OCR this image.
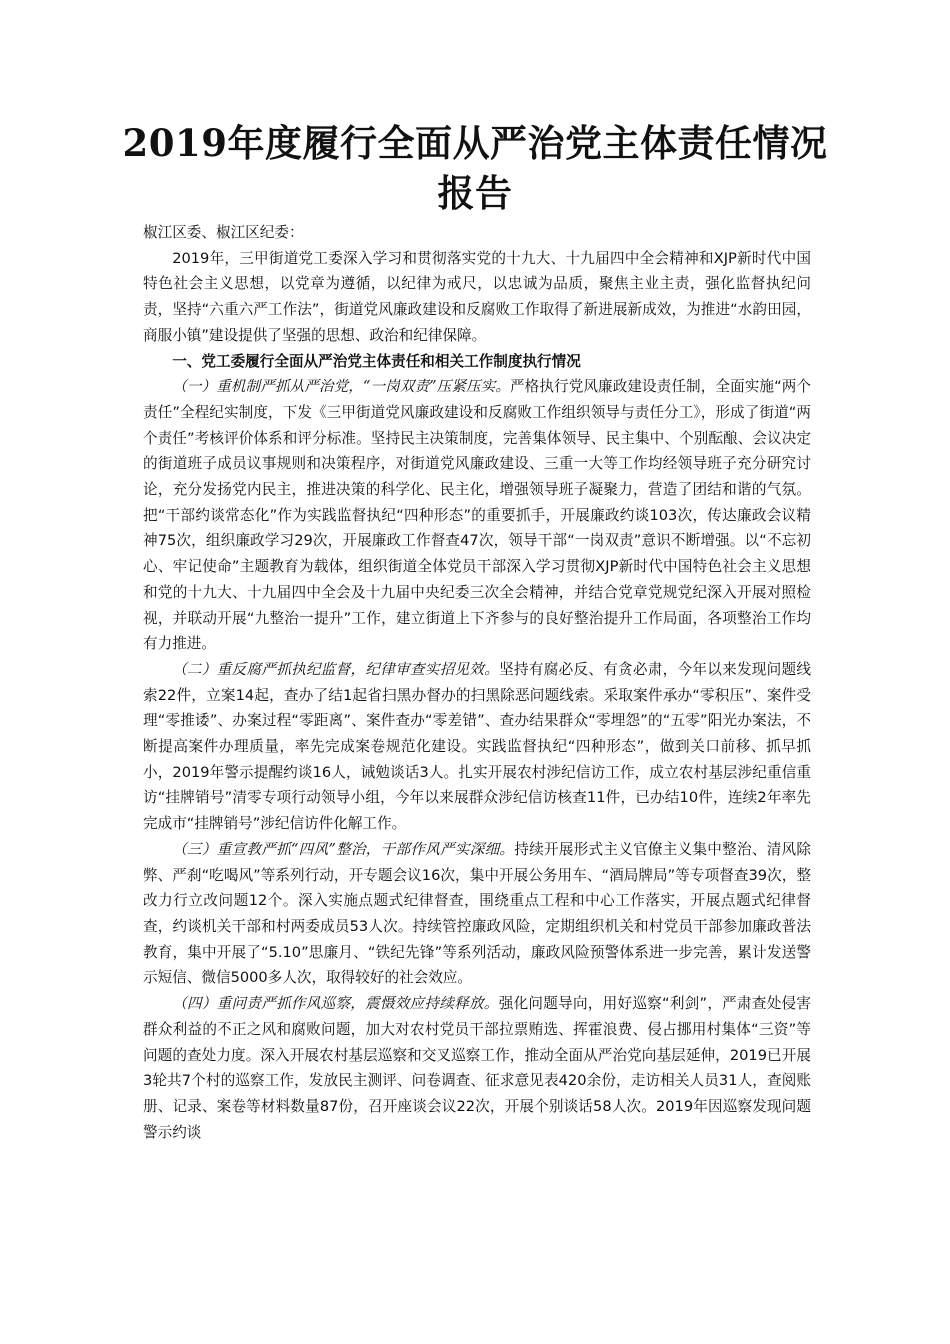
2019年度履行全面从严治党主体责任情况
报告

椒江区委、椒江区纪委：

2019年，三甲街道党工委深入学习和贯彻落实党的十九大、十九届四中全会精神和XJP新时代中国特色社会主义思想，以党章为遵循，以纪律为戒尺，以忠诚为品质，聚焦主业主责，强化监督执纪问责，坚持“六重六严工作法”，街道党风廉政建设和反腐败工作取得了新进展新成效，为推进“水韵田园，商服小镇”建设提供了坚强的思想、政治和纪律保障。

一、党工委履行全面从严治党主体责任和相关工作制度执行情况

（一）重机制严抓从严治党，“一岗双责”压紧压实。严格执行党风廉政建设责任制，全面实施“两个责任”全程纪实制度，下发《三甲街道党风廉政建设和反腐败工作组织领导与责任分工》，形成了街道“两个责任”考核评价体系和评分标准。坚持民主决策制度，完善集体领导、民主集中、个别酝酿、会议决定的街道班子成员议事规则和决策程序，对街道党风廉政建设、三重一大等工作均经领导班子充分研究讨论，充分发扬党内民主，推进决策的科学化、民主化，增强领导班子凝聚力，营造了团结和谐的气氛。把“干部约谈常态化”作为实践监督执纪“四种形态”的重要抓手，开展廉政约谈103次，传达廉政会议精神75次，组织廉政学习29次，开展廉政工作督查47次，领导干部“一岗双责”意识不断增强。以“不忘初心、牢记使命”主题教育为载体，组织街道全体党员干部深入学习贯彻XJP新时代中国特色社会主义思想和党的十九大、十九届四中全会及十九届中央纪委三次全会精神，并结合党章党规党纪深入开展对照检视，并联动开展“九整治一提升”工作，建立街道上下齐参与的良好整治提升工作局面，各项整治工作均有力推进。

（二）重反腐严抓执纪监督，纪律审查实招见效。坚持有腐必反、有贪必肃，今年以来发现问题线索22件，立案14起，查办了结1起省扫黑办督办的扫黑除恶问题线索。采取案件承办“零积压”、案件受理“零推诿”、办案过程“零距离”、案件查办“零差错”、查办结果群众“零埋怨”的“五零”阳光办案法，不断提高案件办理质量，率先完成案卷规范化建设。实践监督执纪“四种形态”，做到关口前移、抓早抓小，2019年警示提醒约谈16人，诫勉谈话3人。扎实开展农村涉纪信访工作，成立农村基层涉纪重信重访“挂牌销号”清零专项行动领导小组，今年以来展群众涉纪信访核查11件，已办结10件，连续2年率先完成市“挂牌销号”涉纪信访件化解工作。

（三）重宣教严抓“四风”整治，干部作风严实深细。持续开展形式主义官僚主义集中整治、清风除弊、严刹“吃喝风”等系列行动，开专题会议16次，集中开展公务用车、“酒局牌局”等专项督查39次，整改力行立改问题12个。深入实施点题式纪律督查，围绕重点工程和中心工作落实，开展点题式纪律督查，约谈机关干部和村两委成员53人次。持续管控廉政风险，定期组织机关和村党员干部参加廉政普法教育，集中开展了“5.10”思廉月、“铁纪先锋”等系列活动，廉政风险预警体系进一步完善，累计发送警示短信、微信5000多人次，取得较好的社会效应。

（四）重问责严抓作风巡察，震慑效应持续释放。强化问题导向，用好巡察“利剑”，严肃查处侵害群众利益的不正之风和腐败问题，加大对农村党员干部拉票贿选、挥霍浪费、侵占挪用村集体“三资”等问题的查处力度。深入开展农村基层巡察和交叉巡察工作，推动全面从严治党向基层延伸，2019已开展3轮共7个村的巡察工作，发放民主测评、问卷调查、征求意见表420余份，走访相关人员31人，查阅账册、记录、案卷等材料数量87份，召开座谈会议22次，开展个别谈话58人次。2019年因巡察发现问题警示约谈
